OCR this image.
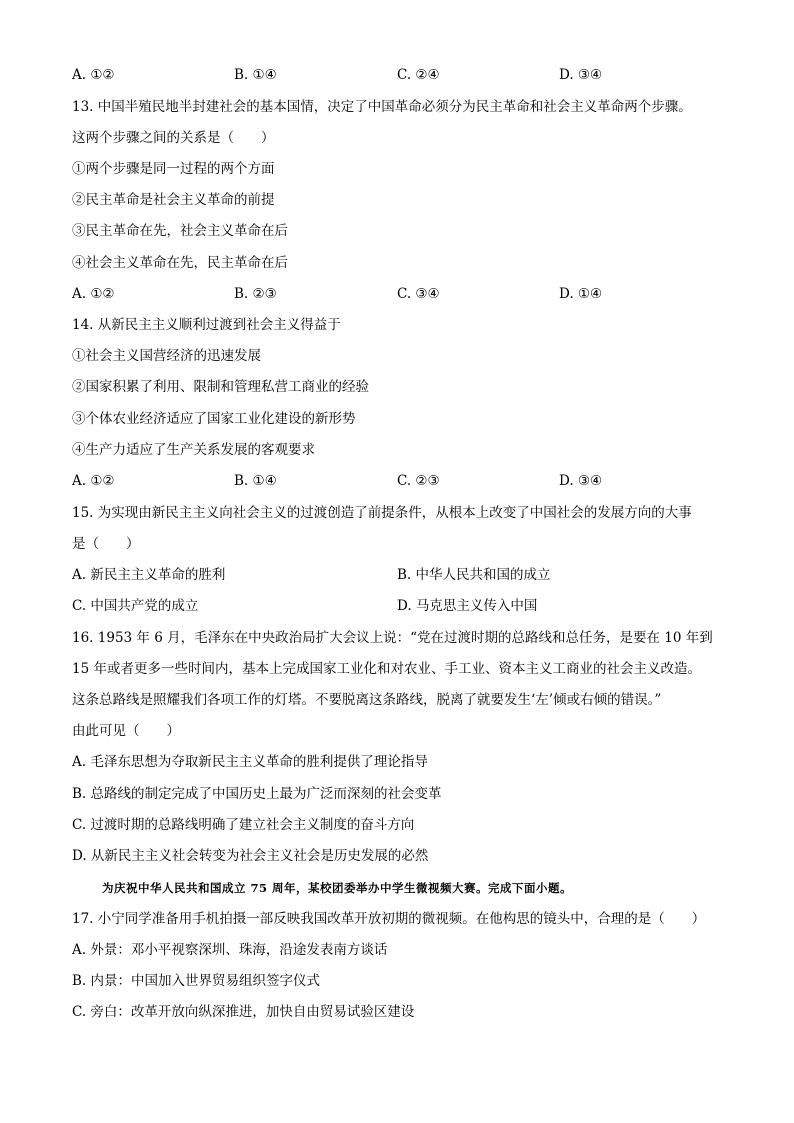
A. ①②	B. ①④	C. ②④	D. ③④
13. 中国半殖民地半封建社会的基本国情，决定了中国革命必须分为民主革命和社会主义革命两个步骤。
这两个步骤之间的关系是（　　）
①两个步骤是同一过程的两个方面
②民主革命是社会主义革命的前提
③民主革命在先，社会主义革命在后
④社会主义革命在先，民主革命在后
A. ①②	B. ②③	C. ③④	D. ①④
14. 从新民主主义顺利过渡到社会主义得益于
①社会主义国营经济的迅速发展
②国家积累了利用、限制和管理私营工商业的经验
③个体农业经济适应了国家工业化建设的新形势
④生产力适应了生产关系发展的客观要求
A. ①②	B. ①④	C. ②③	D. ③④
15. 为实现由新民主主义向社会主义的过渡创造了前提条件，从根本上改变了中国社会的发展方向的大事
是（　　）
A. 新民主主义革命的胜利	B. 中华人民共和国的成立
C. 中国共产党的成立	D. 马克思主义传入中国
16. 1953 年 6 月，毛泽东在中央政治局扩大会议上说：“党在过渡时期的总路线和总任务，是要在 10 年到
15 年或者更多一些时间内，基本上完成国家工业化和对农业、手工业、资本主义工商业的社会主义改造。
这条总路线是照耀我们各项工作的灯塔。不要脱离这条路线，脱离了就要发生‘左’倾或右倾的错误。”
由此可见（　　）
A. 毛泽东思想为夺取新民主主义革命的胜利提供了理论指导
B. 总路线的制定完成了中国历史上最为广泛而深刻的社会变革
C. 过渡时期的总路线明确了建立社会主义制度的奋斗方向
D. 从新民主主义社会转变为社会主义社会是历史发展的必然
为庆祝中华人民共和国成立 75 周年，某校团委举办中学生微视频大赛。完成下面小题。
17. 小宁同学准备用手机拍摄一部反映我国改革开放初期的微视频。在他构思的镜头中，合理的是（　　）
A. 外景：邓小平视察深圳、珠海，沿途发表南方谈话
B. 内景：中国加入世界贸易组织签字仪式
C. 旁白：改革开放向纵深推进，加快自由贸易试验区建设
